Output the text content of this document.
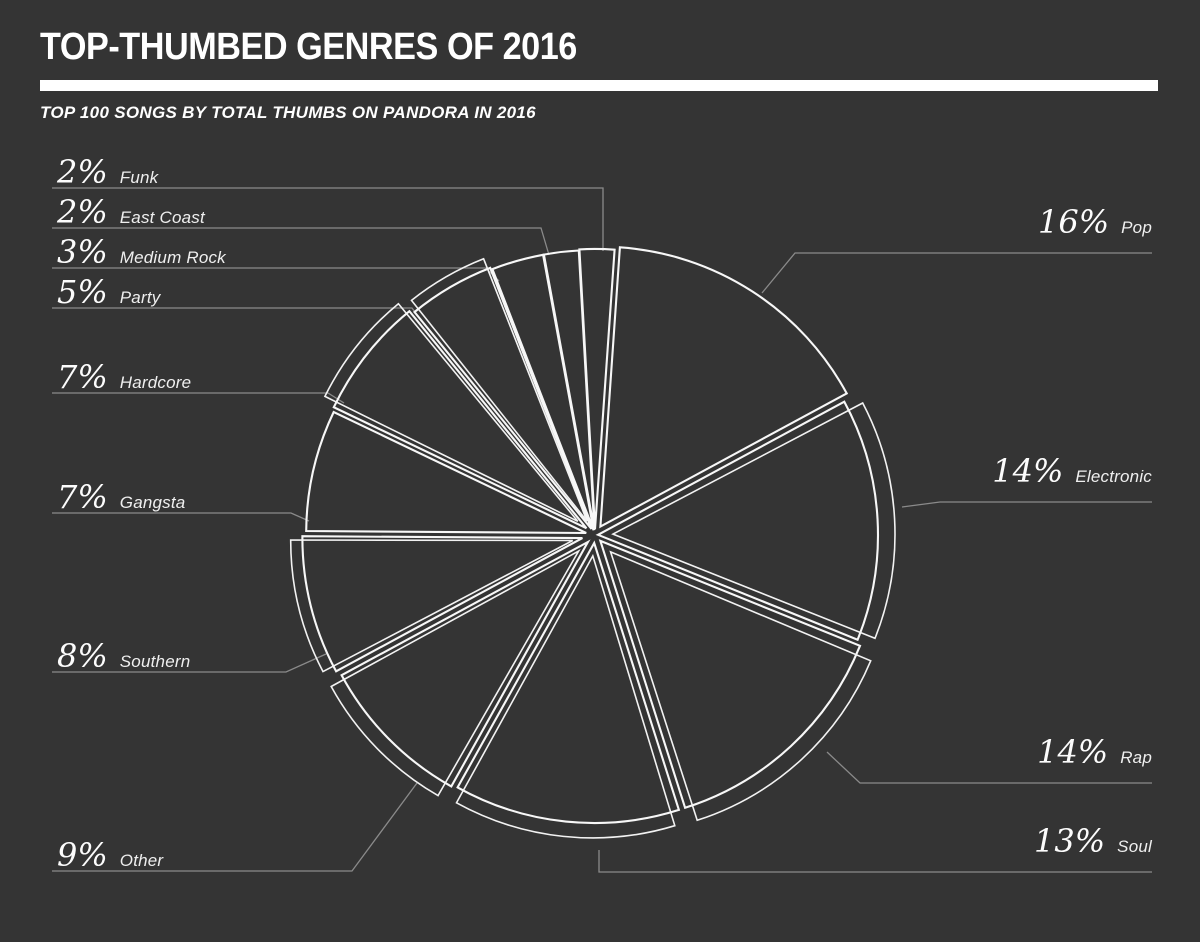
TOP-THUMBED GENRES OF 2016
TOP 100 SONGS BY TOTAL THUMBS ON PANDORA IN 2016
16% Pop
14% Electronic
14% Rap
13% Soul
9% Other
8% Southern
7% Gangsta
7% Hardcore
5% Party
3% Medium Rock
2% East Coast
2% Funk
